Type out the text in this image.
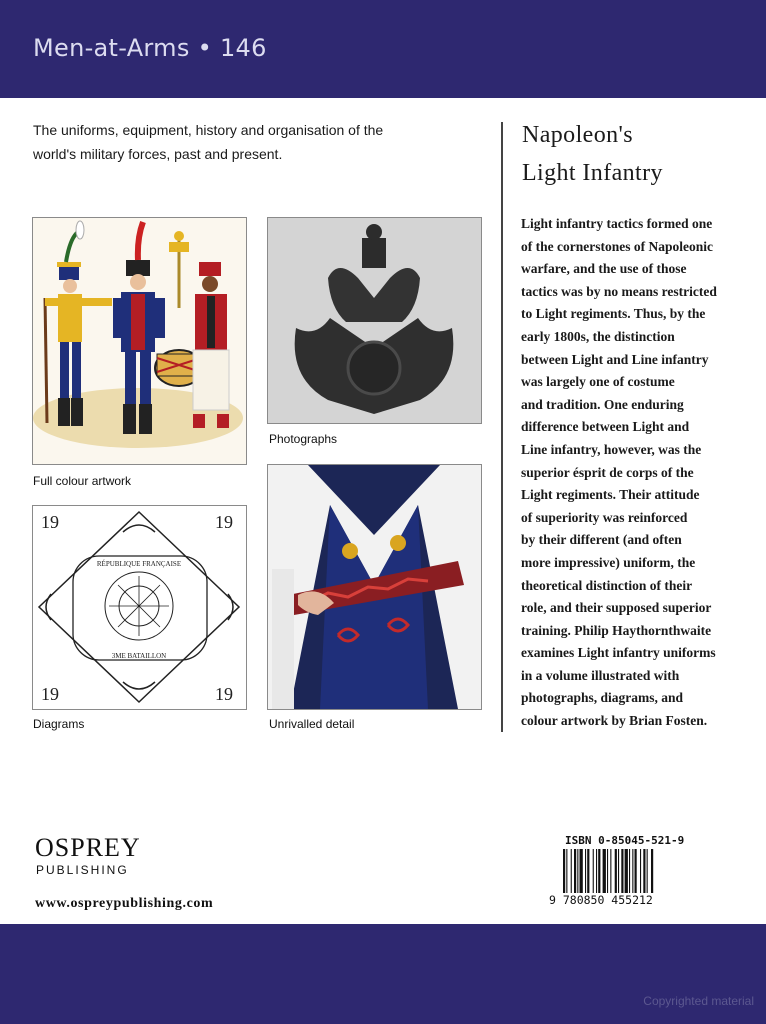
Men-at-Arms • 146
The uniforms, equipment, history and organisation of the world's military forces, past and present.
Full colour artwork
Photographs
19	19
19	19
RÉPUBLIQUE FRANÇAISE
3ME BATAILLON
Diagrams	Unrivalled detail
Napoleon's
Light Infantry
Light infantry tactics formed one
of the cornerstones of Napoleonic
warfare, and the use of those
tactics was by no means restricted
to Light regiments. Thus, by the
early 1800s, the distinction
between Light and Line infantry
was largely one of costume
and tradition. One enduring
difference between Light and
Line infantry, however, was the
superior ésprit de corps of the
Light regiments. Their attitude
of superiority was reinforced
by their different (and often
more impressive) uniform, the
theoretical distinction of their
role, and their supposed superior
training. Philip Haythornthwaite
examines Light infantry uniforms
in a volume illustrated with
photographs, diagrams, and
colour artwork by Brian Fosten.
OSPREY
PUBLISHING
www.ospreypublishing.com
ISBN 0-85045-521-9
9 780850 455212
Copyrighted material
